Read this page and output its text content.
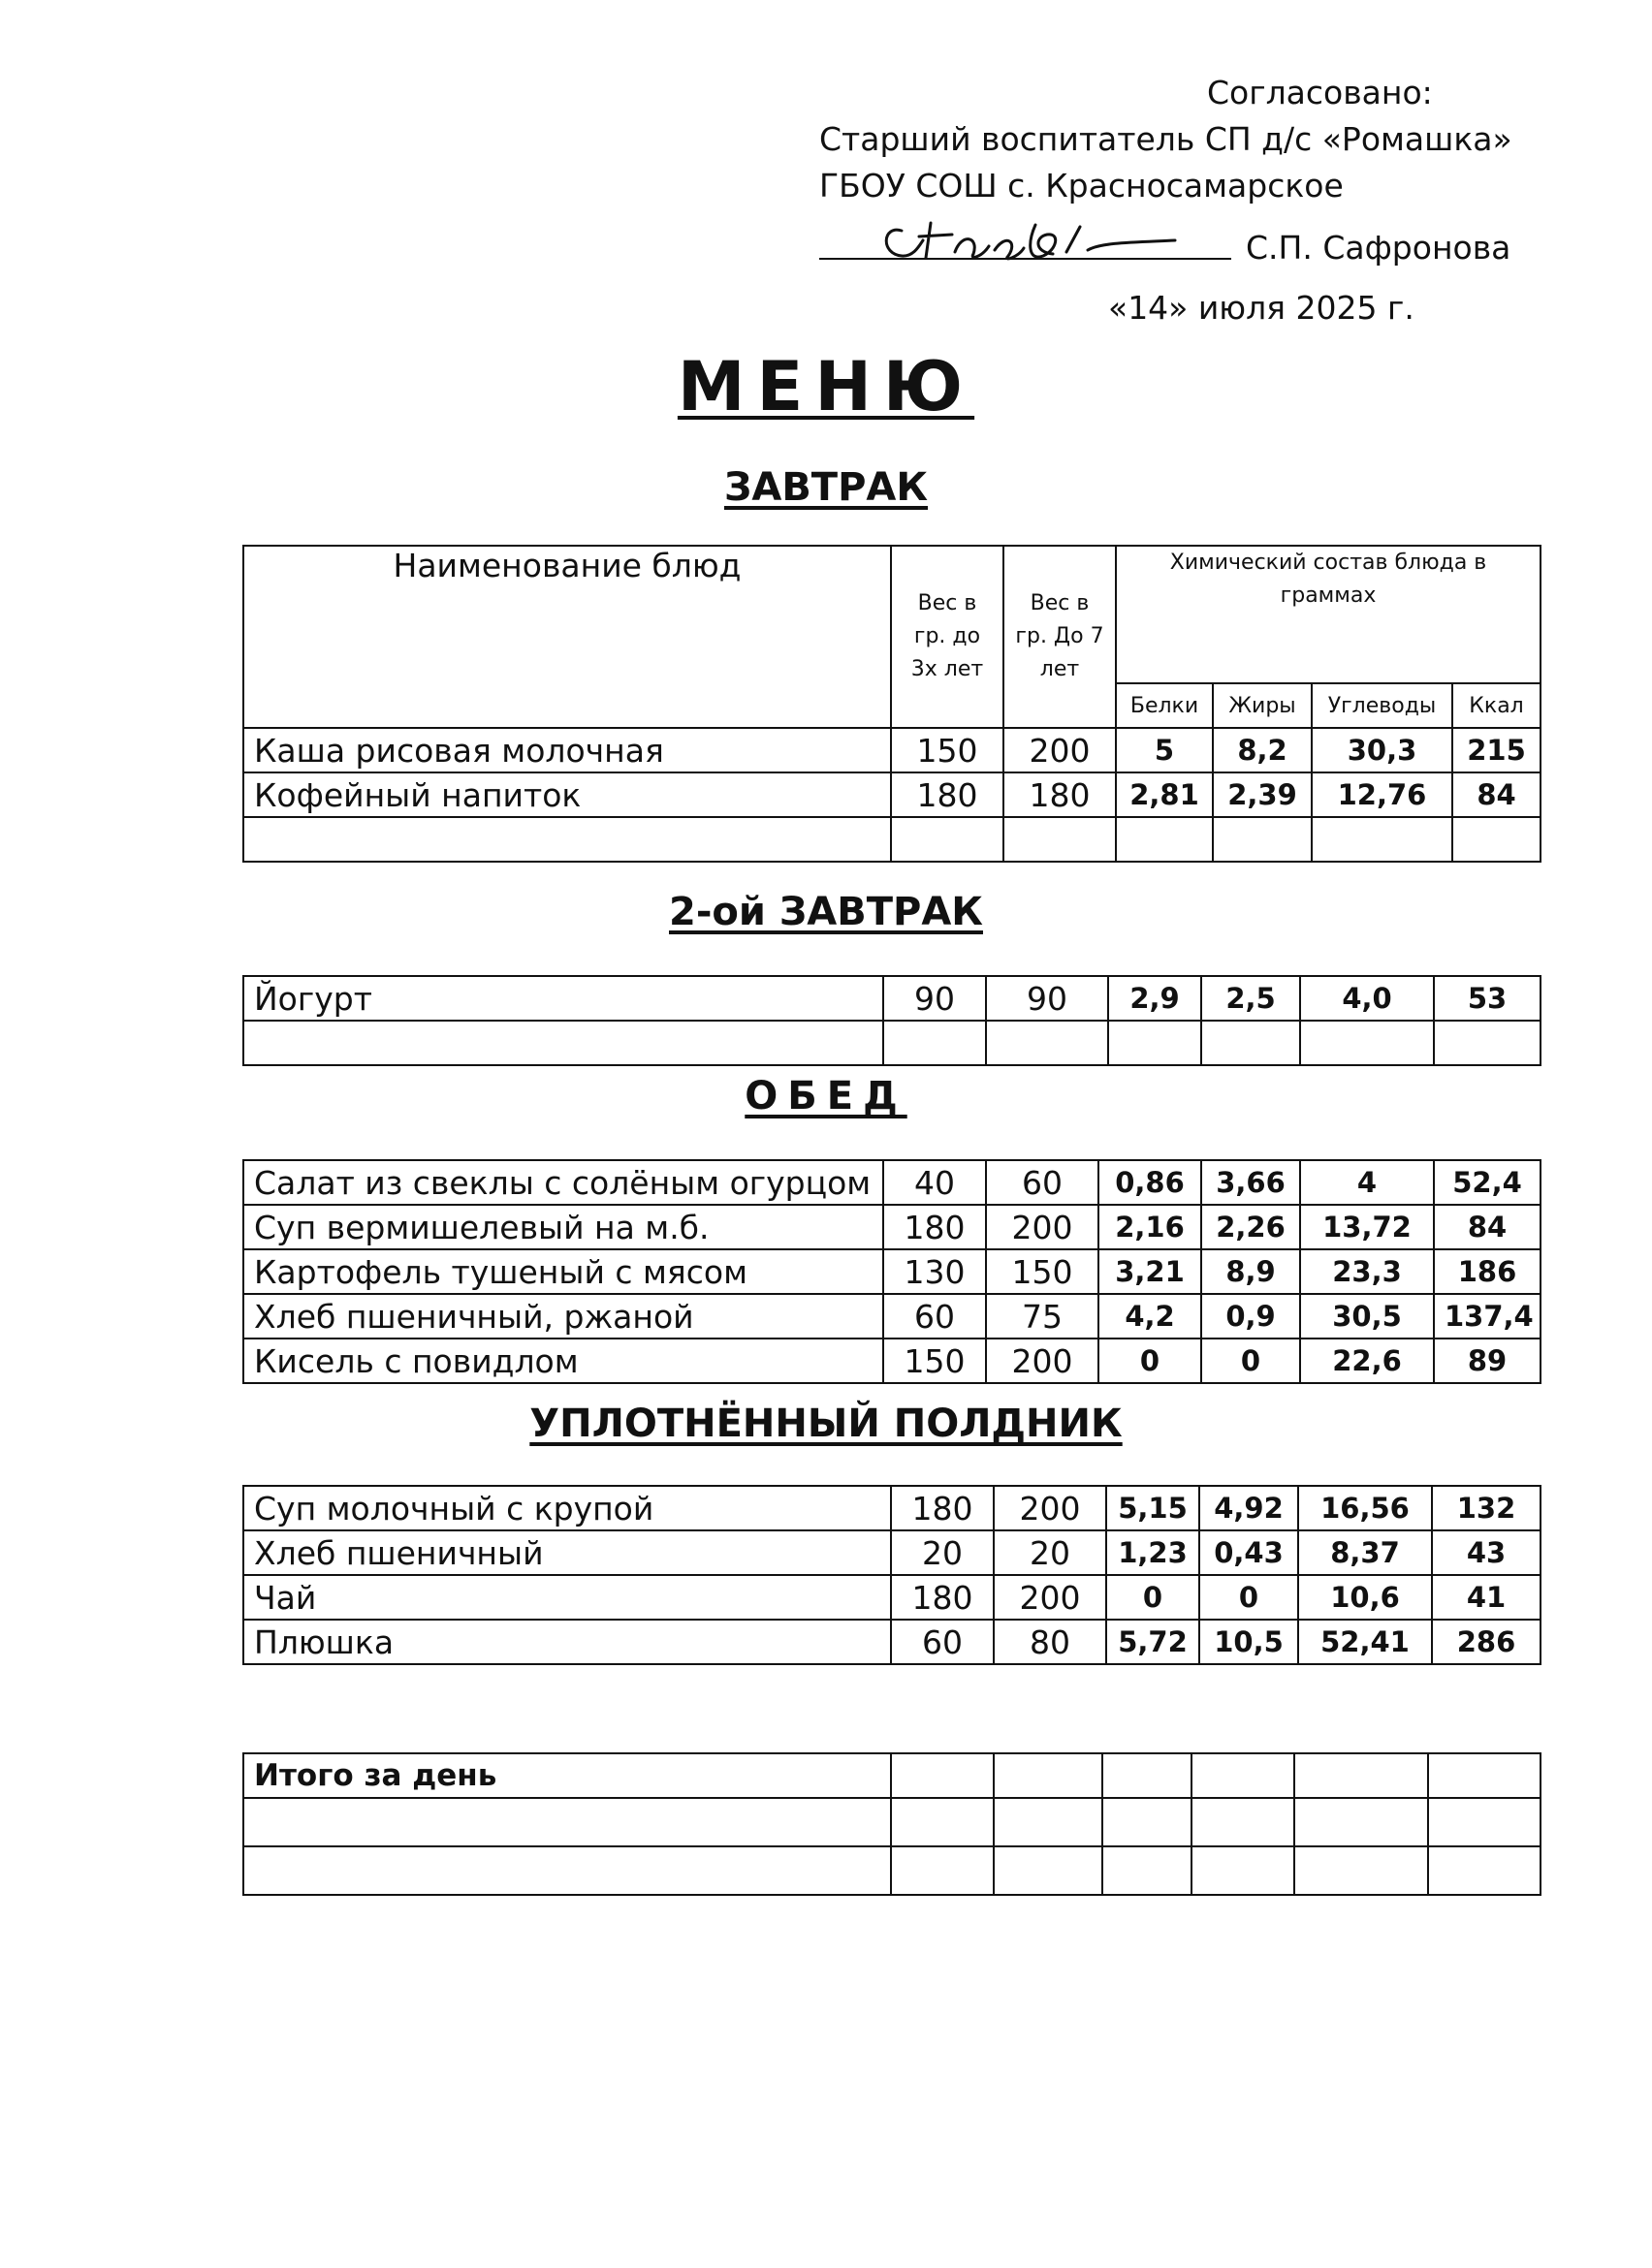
Согласовано:
Старший воспитатель СП д/с «Ромашка»
ГБОУ СОШ с. Красносамарское
С.П. Сафронова
«14» июля 2025 г.
МЕНЮ
ЗАВТРАК
Наименование блюд	Вес в гр. до 3х лет	Вес в гр. До 7 лет	Химический состав блюда в граммах			
			Белки	Жиры	Углеводы	Ккал
Каша рисовая молочная	150	200	5	8,2	30,3	215
Кофейный напиток	180	180	2,81	2,39	12,76	84

2-ой ЗАВТРАК
Йогурт	90	90	2,9	2,5	4,0	53

ОБЕД
Салат из свеклы с солёным огурцом	40	60	0,86	3,66	4	52,4
Суп вермишелевый на м.б.	180	200	2,16	2,26	13,72	84
Картофель тушеный с мясом	130	150	3,21	8,9	23,3	186
Хлеб пшеничный, ржаной	60	75	4,2	0,9	30,5	137,4
Кисель с повидлом	150	200	0	0	22,6	89
УПЛОТНЁННЫЙ ПОЛДНИК
Суп молочный с крупой	180	200	5,15	4,92	16,56	132
Хлеб пшеничный	20	20	1,23	0,43	8,37	43
Чай	180	200	0	0	10,6	41
Плюшка	60	80	5,72	10,5	52,41	286
Итого за день						
